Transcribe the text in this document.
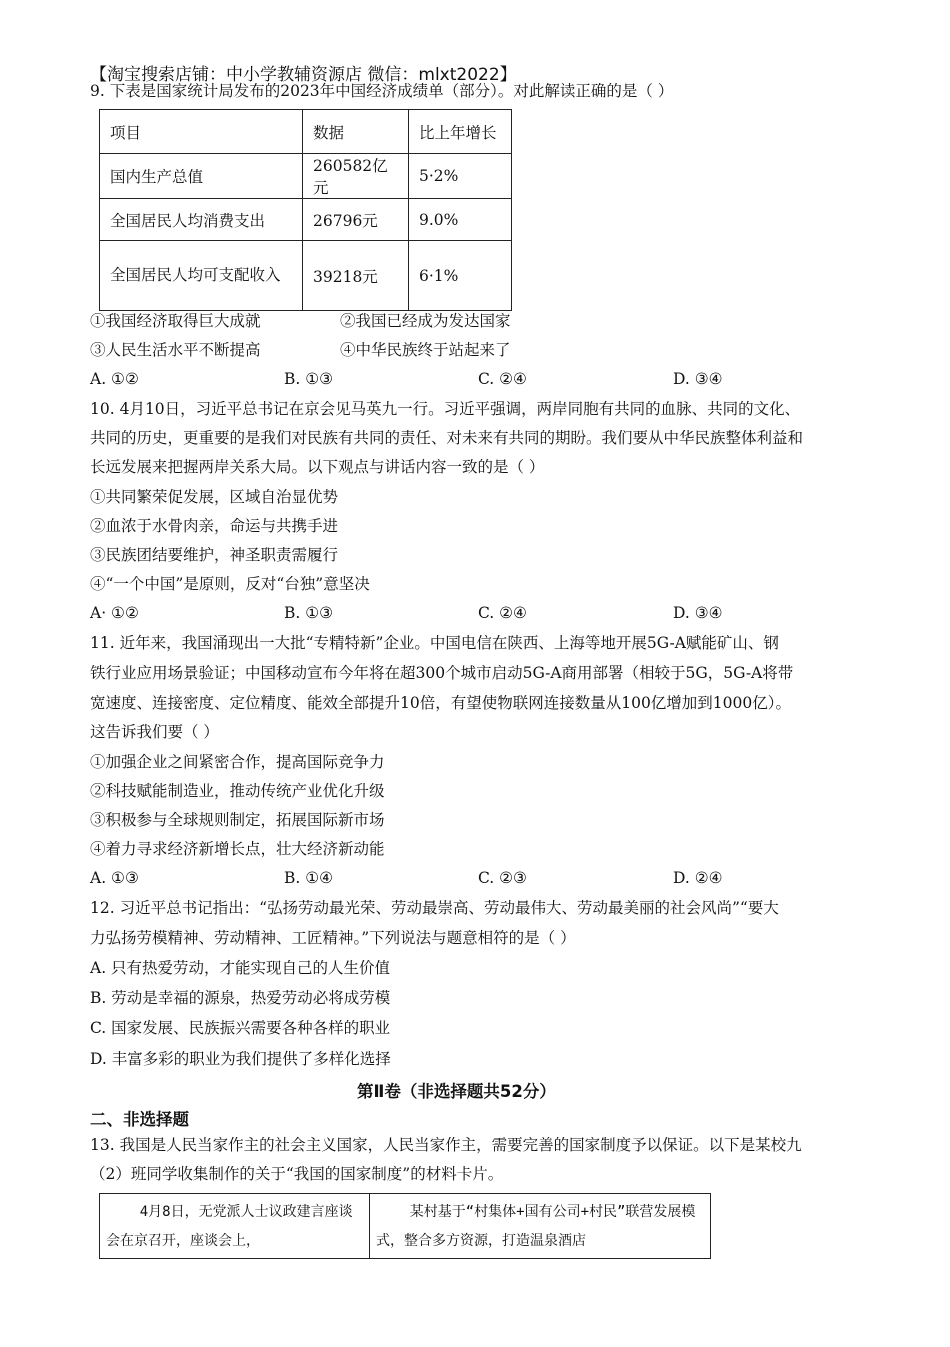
【淘宝搜索店铺：中小学教辅资源店 微信：mlxt2022】
9. 下表是国家统计局发布的2023年中国经济成绩单（部分）。对此解读正确的是（ ）
项目	数据	比上年增长
国内生产总值	260582亿元	5·2%
全国居民人均消费支出	26796元	9.0%
全国居民人均可支配收入	39218元	6·1%
①我国经济取得巨大成就	②我国已经成为发达国家
③人民生活水平不断提高	④中华民族终于站起来了
A. ①②	B. ①③	C. ②④	D. ③④
10. 4月10日，习近平总书记在京会见马英九一行。习近平强调，两岸同胞有共同的血脉、共同的文化、
共同的历史，更重要的是我们对民族有共同的责任、对未来有共同的期盼。我们要从中华民族整体利益和
长远发展来把握两岸关系大局。以下观点与讲话内容一致的是（ ）
①共同繁荣促发展，区域自治显优势
②血浓于水骨肉亲，命运与共携手进
③民族团结要维护，神圣职责需履行
④“一个中国”是原则，反对“台独”意坚决
A· ①②	B. ①③	C. ②④	D. ③④
11. 近年来，我国涌现出一大批“专精特新”企业。中国电信在陕西、上海等地开展5G-A赋能矿山、钢
铁行业应用场景验证；中国移动宣布今年将在超300个城市启动5G-A商用部署（相较于5G，5G-A将带
宽速度、连接密度、定位精度、能效全部提升10倍，有望使物联网连接数量从100亿增加到1000亿）。
这告诉我们要（ ）
①加强企业之间紧密合作，提高国际竞争力
②科技赋能制造业，推动传统产业优化升级
③积极参与全球规则制定，拓展国际新市场
④着力寻求经济新增长点，壮大经济新动能
A. ①③	B. ①④	C. ②③	D. ②④
12. 习近平总书记指出：“弘扬劳动最光荣、劳动最崇高、劳动最伟大、劳动最美丽的社会风尚”“要大
力弘扬劳模精神、劳动精神、工匠精神。”下列说法与题意相符的是（ ）
A. 只有热爱劳动，才能实现自己的人生价值
B. 劳动是幸福的源泉，热爱劳动必将成劳模
C. 国家发展、民族振兴需要各种各样的职业
D. 丰富多彩的职业为我们提供了多样化选择
第Ⅱ卷（非选择题共52分）
二、非选择题
13. 我国是人民当家作主的社会主义国家，人民当家作主，需要完善的国家制度予以保证。以下是某校九
（2）班同学收集制作的关于“我国的国家制度”的材料卡片。
4月8日，无党派人士议政建言座谈会在京召开，座谈会上，
某村基于“村集体+国有公司+村民”联营发展模式，整合多方资源，打造温泉酒店
